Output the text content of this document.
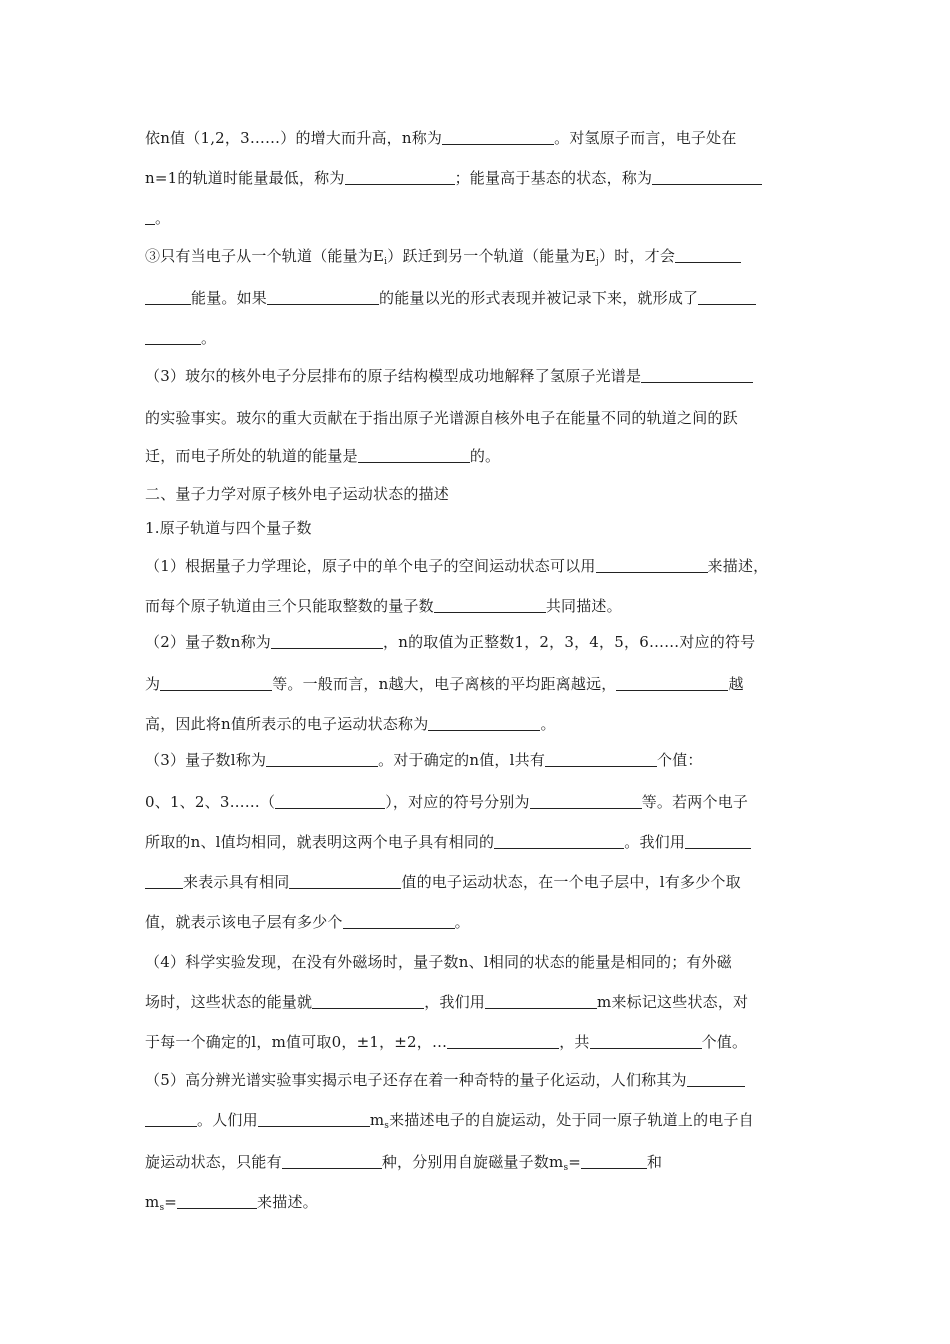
依n值（1,2，3……）的增大而升高，n称为	。对氢原子而言，电子处在
n=1的轨道时能量最低，称为	；能量高于基态的状态，称为
。
③只有当电子从一个轨道（能量为$E_i$）跃迁到另一个轨道（能量为$E_j$）时，才会
能量。如果	的能量以光的形式表现并被记录下来，就形成了
。
（3）玻尔的核外电子分层排布的原子结构模型成功地解释了氢原子光谱是
的实验事实。玻尔的重大贡献在于指出原子光谱源自核外电子在能量不同的轨道之间的跃
迁，而电子所处的轨道的能量是	的。
二、量子力学对原子核外电子运动状态的描述
1.原子轨道与四个量子数
（1）根据量子力学理论，原子中的单个电子的空间运动状态可以用	来描述，
而每个原子轨道由三个只能取整数的量子数	共同描述。
（2）量子数n称为	，n的取值为正整数1，2，3，4，5，6……对应的符号
为	等。一般而言，n越大，电子离核的平均距离越远，	越
高，因此将n值所表示的电子运动状态称为	。
（3）量子数l称为	。对于确定的n值，l共有	个值：
0、1、2、3……（	），对应的符号分别为	等。若两个电子
所取的n、l值均相同，就表明这两个电子具有相同的	。我们用
来表示具有相同	值的电子运动状态，在一个电子层中，l有多少个取
值，就表示该电子层有多少个	。
（4）科学实验发现，在没有外磁场时，量子数n、l相同的状态的能量是相同的；有外磁
场时，这些状态的能量就	，我们用	m来标记这些状态，对
于每一个确定的l，m值可取0，±1，±2，…	，共	个值。
（5）高分辨光谱实验事实揭示电子还存在着一种奇特的量子化运动，人们称其为
。人们用	$m_s$来描述电子的自旋运动，处于同一原子轨道上的电子自
旋运动状态，只能有	种，分别用自旋磁量子数$m_s=$	和
$m_s=$	来描述。
